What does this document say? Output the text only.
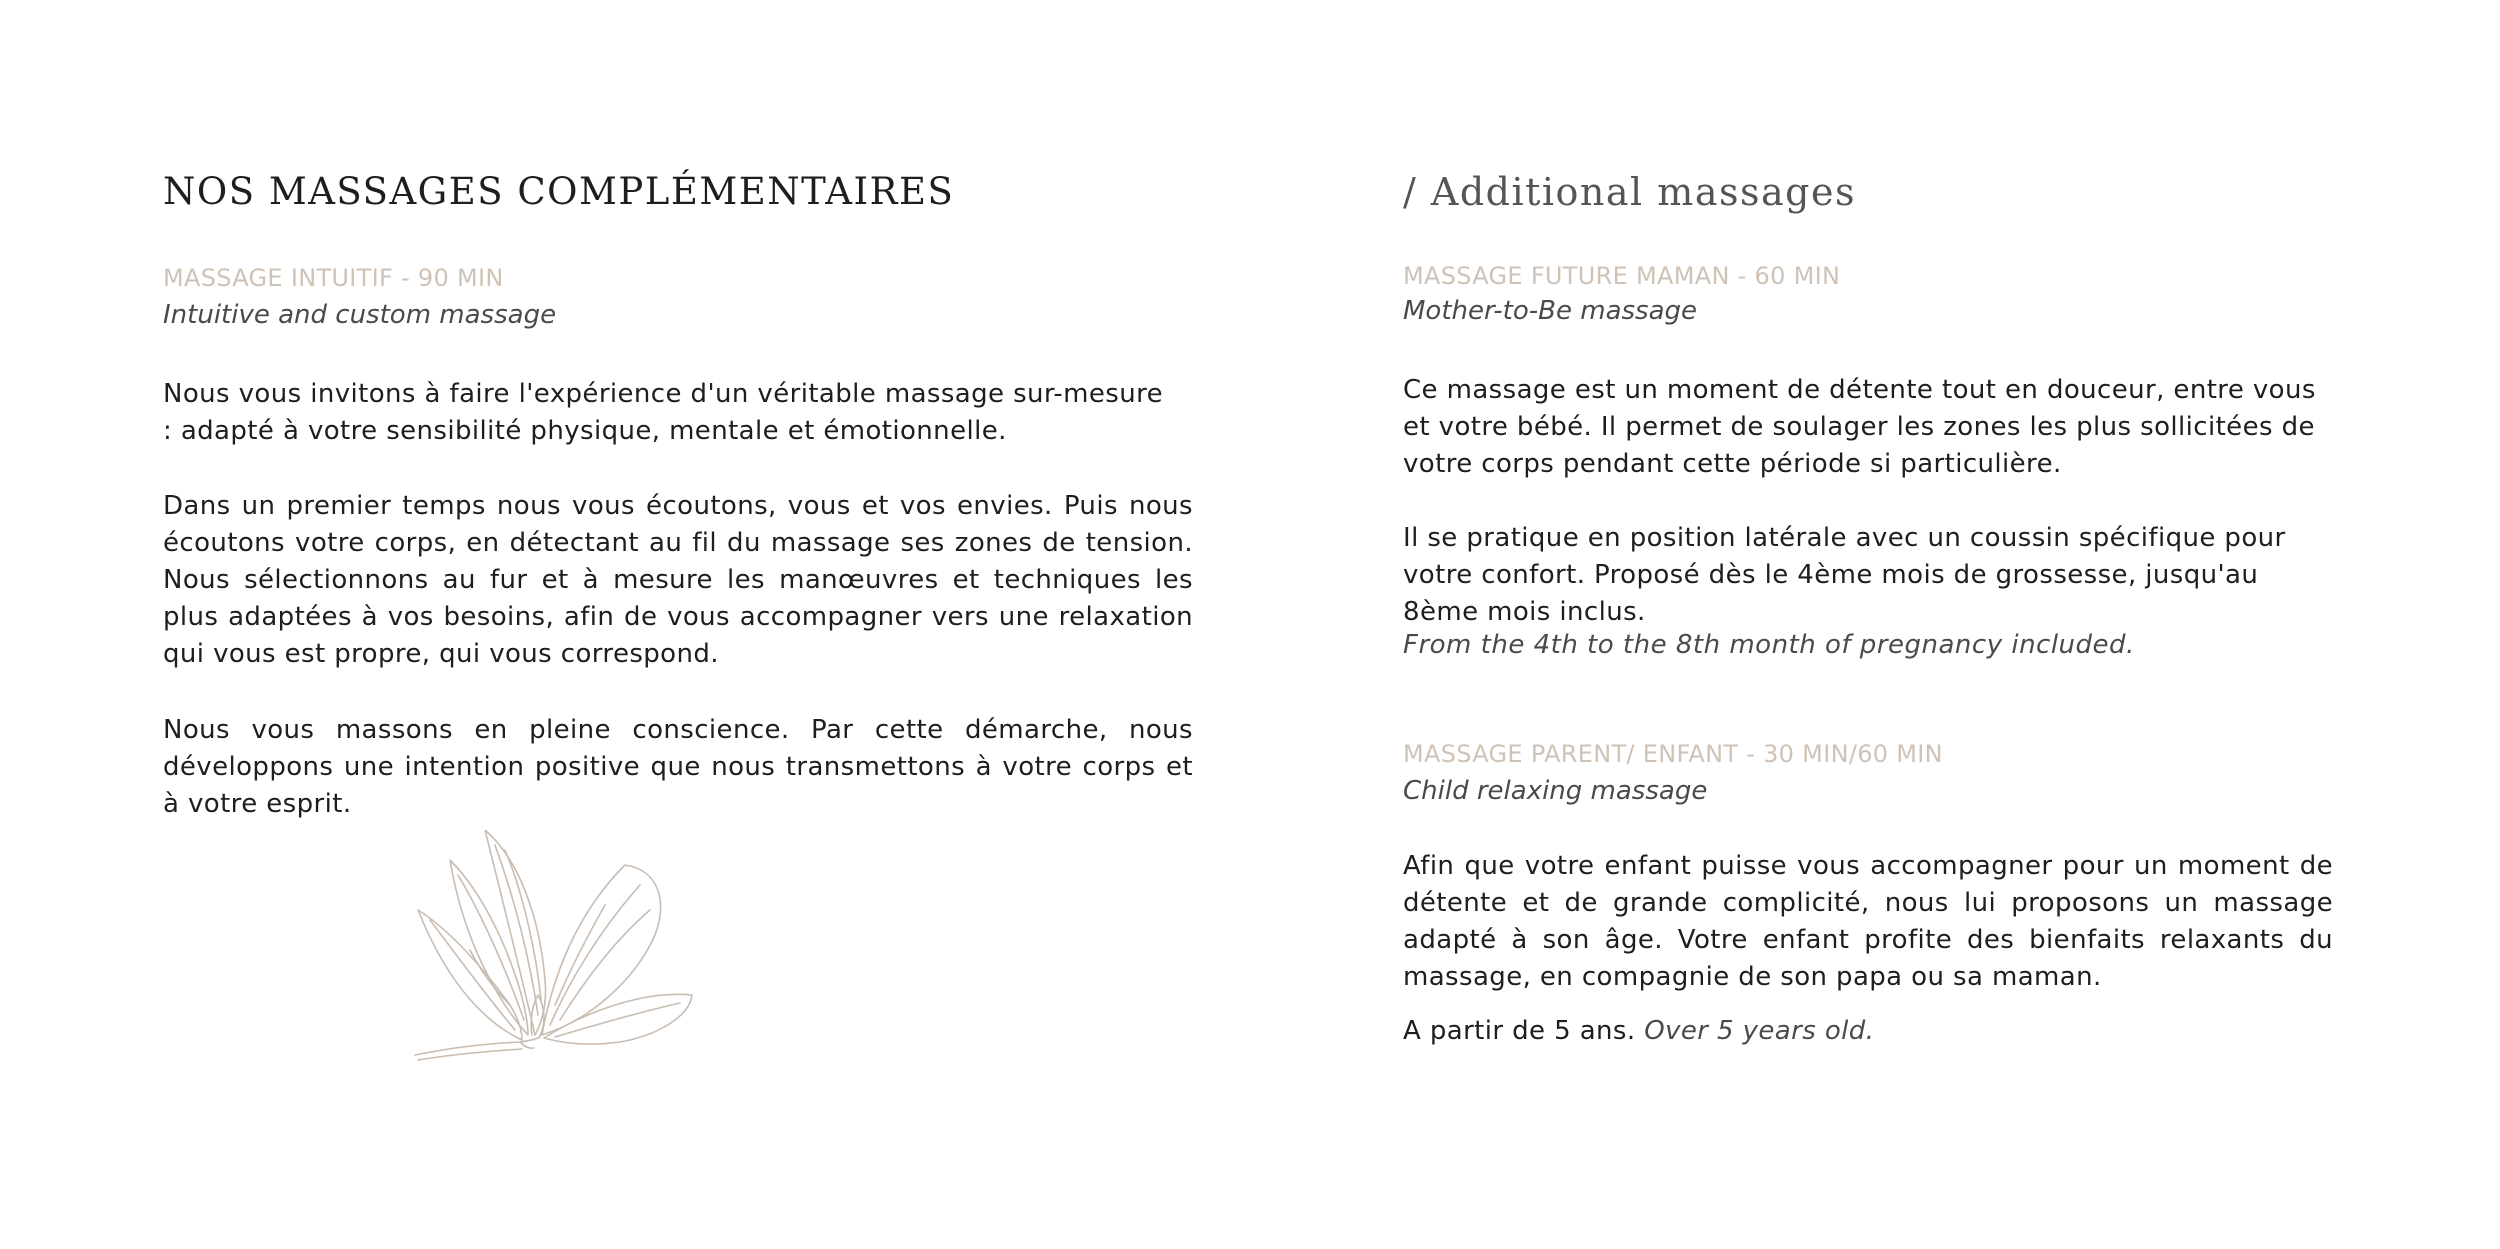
NOS MASSAGES COMPLÉMENTAIRES
MASSAGE INTUITIF - 90 MIN
Intuitive and custom massage

Nous vous invitons à faire l'expérience d'un véritable massage sur-mesure : adapté à votre sensibilité physique, mentale et émotionnelle.

Dans un premier temps nous vous écoutons, vous et vos envies. Puis nous écoutons votre corps, en détectant au fil du massage ses zones de tension. Nous sélectionnons au fur et à mesure les manœuvres et techniques les plus adaptées à vos besoins, afin de vous accompagner vers une relaxation qui vous est propre, qui vous correspond.

Nous vous massons en pleine conscience. Par cette démarche, nous développons une intention positive que nous transmettons à votre corps et à votre esprit.

/ Additional massages
MASSAGE FUTURE MAMAN - 60 MIN
Mother-to-Be massage

Ce massage est un moment de détente tout en douceur, entre vous et votre bébé. Il permet de soulager les zones les plus sollicitées de votre corps pendant cette période si particulière.

Il se pratique en position latérale avec un coussin spécifique pour votre confort. Proposé dès le 4ème mois de grossesse, jusqu'au 8ème mois inclus.

From the 4th to the 8th month of pregnancy included.
MASSAGE PARENT/ ENFANT - 30 MIN/60 MIN
Child relaxing massage

Afin que votre enfant puisse vous accompagner pour un moment de détente et de grande complicité, nous lui proposons un massage adapté à son âge. Votre enfant profite des bienfaits relaxants du massage, en compagnie de son papa ou sa maman.

A partir de 5 ans. Over 5 years old.
